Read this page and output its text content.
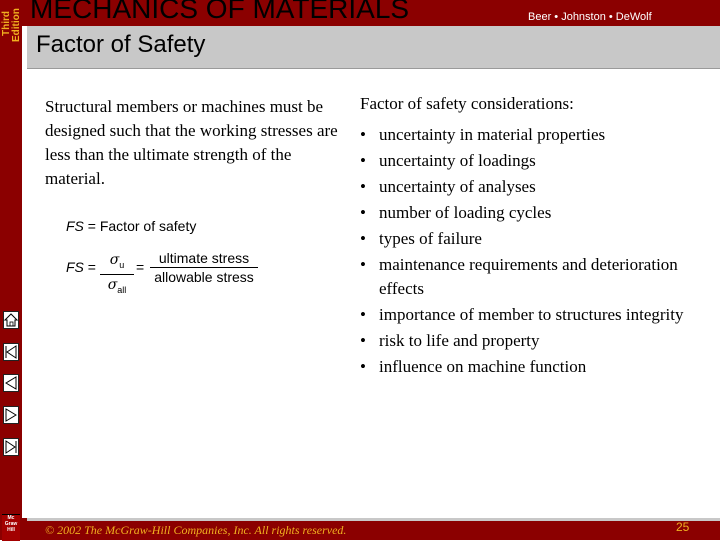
Third Edition
Mc
Graw
Hill
MECHANICS OF MATERIALS	Beer • Johnston • DeWolf
Factor of Safety
Structural members or machines must be designed such that the working stresses are less than the ultimate strength of the material.
FS = Factor of safety
FS = $\sigma_u$
$\sigma_{all}$
=
ultimate stress
allowable stress
Factor of safety considerations:
• uncertainty in material properties
• uncertainty of loadings
• uncertainty of analyses
• number of loading cycles
• types of failure
• maintenance requirements and deterioration effects
• importance of member to structures integrity
• risk to life and property
• influence on machine function
© 2002 The McGraw-Hill Companies, Inc. All rights reserved.	25
